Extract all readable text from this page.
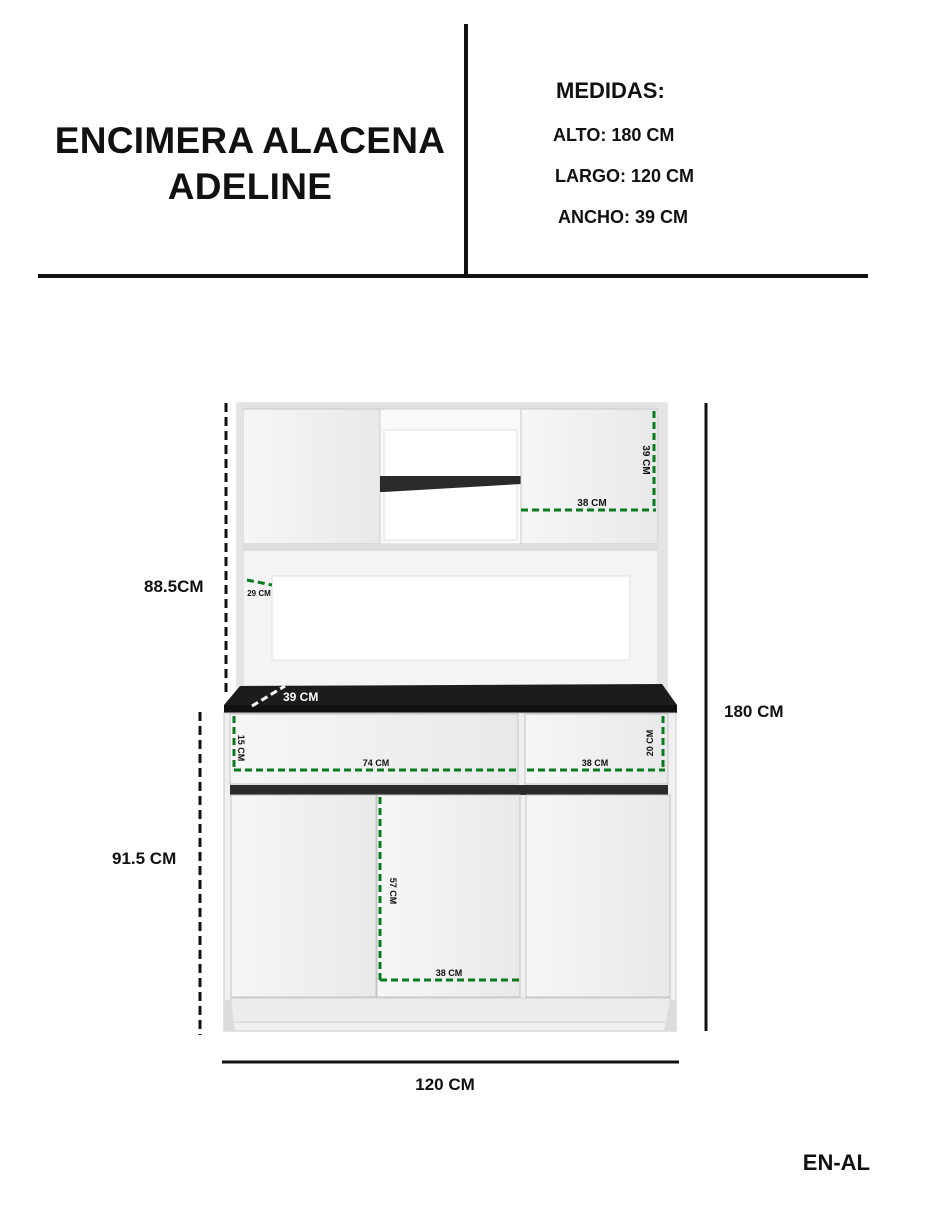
ENCIMERA ALACENA
ADELINE
MEDIDAS:
ALTO: 180 CM
LARGO: 120 CM
ANCHO: 39 CM
88.5CM
91.5 CM
180 CM
120 CM
39 CM
38 CM
29 CM
39 CM
15 CM
74 CM
20 CM
38 CM
57 CM
38 CM
EN-AL
